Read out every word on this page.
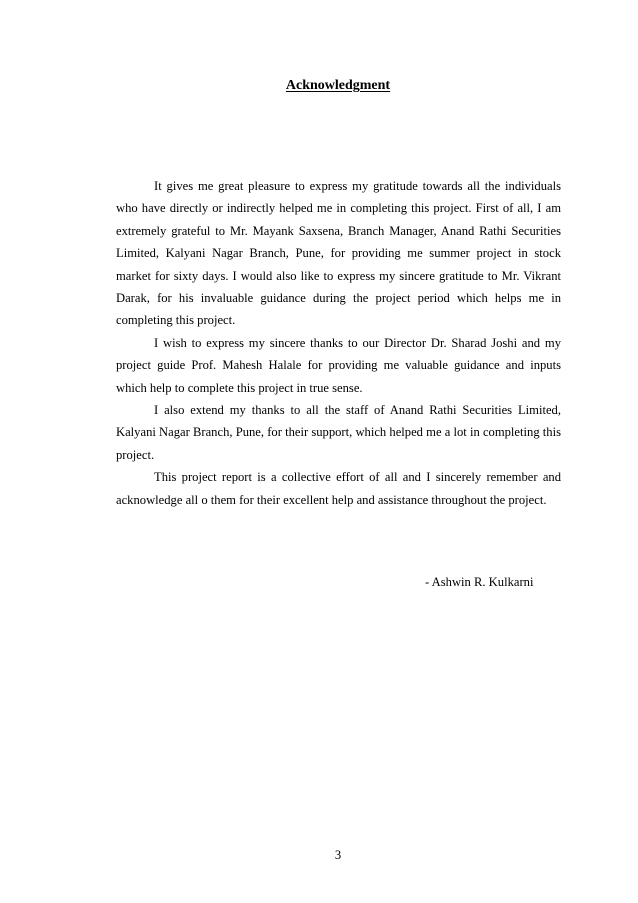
Acknowledgment

It gives me great pleasure to express my gratitude towards all the individuals who have directly or indirectly helped me in completing this project. First of all, I am extremely grateful to Mr. Mayank Saxsena, Branch Manager, Anand Rathi Securities Limited, Kalyani Nagar Branch, Pune, for providing me summer project in stock market for sixty days. I would also like to express my sincere gratitude to Mr. Vikrant Darak, for his invaluable guidance during the project period which helps me in completing this project.

I wish to express my sincere thanks to our Director Dr. Sharad Joshi and my project guide Prof. Mahesh Halale for providing me valuable guidance and inputs which help to complete this project in true sense.

I also extend my thanks to all the staff of Anand Rathi Securities Limited, Kalyani Nagar Branch, Pune, for their support, which helped me a lot in completing this project.

This project report is a collective effort of all and I sincerely remember and acknowledge all o them for their excellent help and assistance throughout the project.

- Ashwin R. Kulkarni
3
